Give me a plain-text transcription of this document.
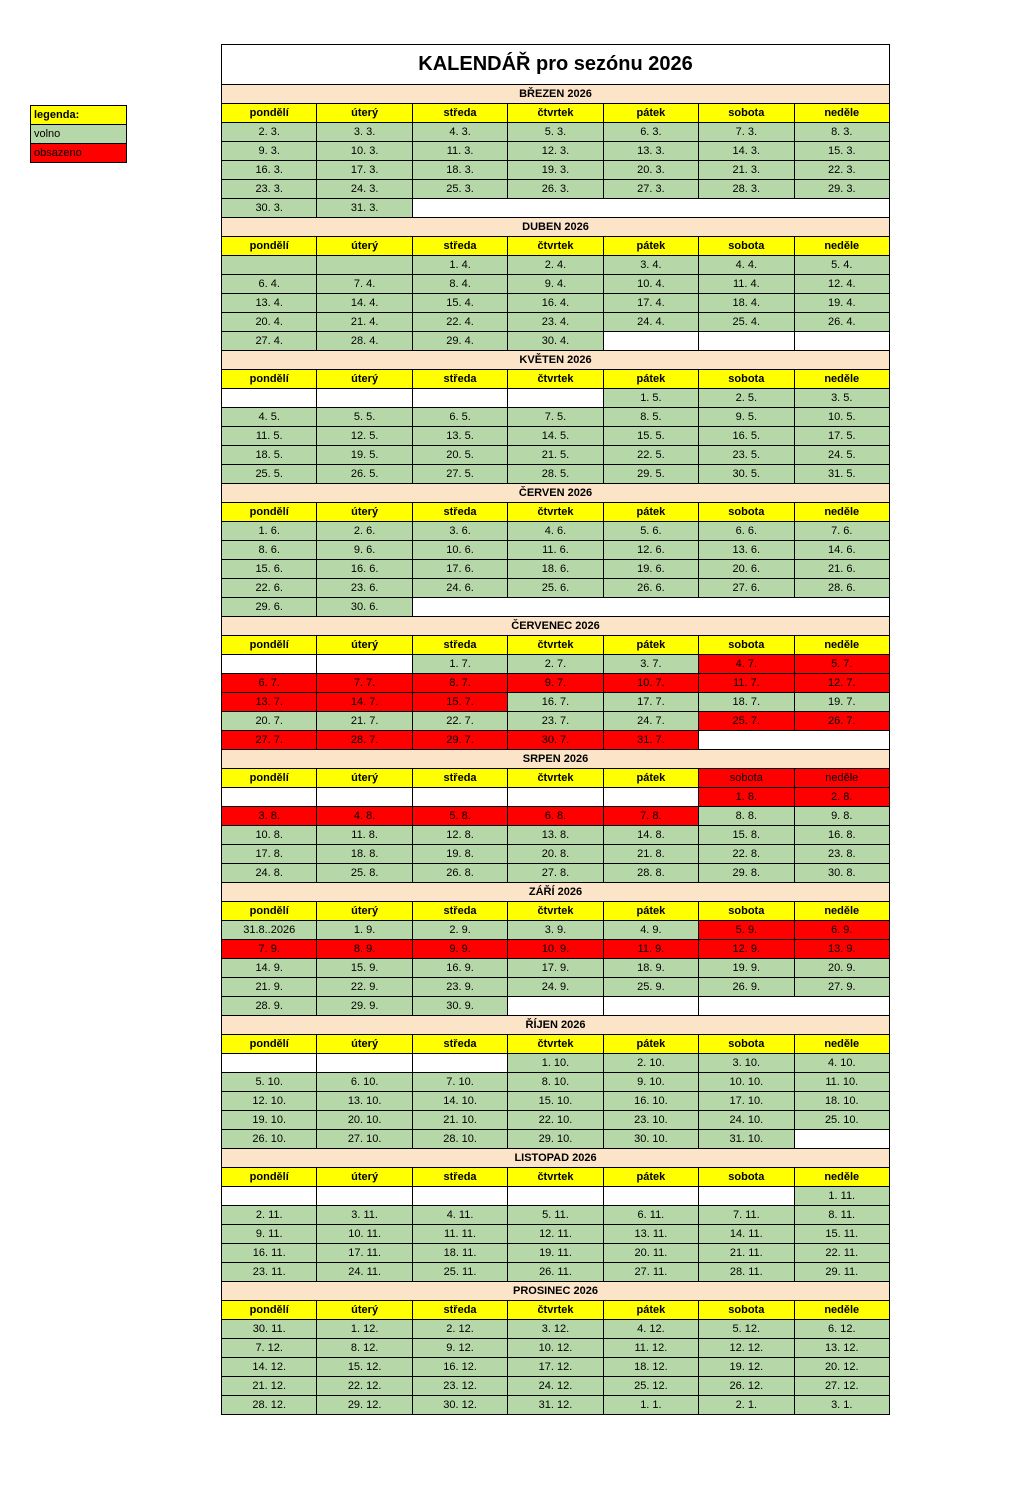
legenda:
volno
obsazeno
KALENDÁŘ pro sezónu 2026						
BŘEZEN 2026						
pondělí	úterý	středa	čtvrtek	pátek	sobota	neděle
2. 3.	3. 3.	4. 3.	5. 3.	6. 3.	7. 3.	8. 3.
9. 3.	10. 3.	11. 3.	12. 3.	13. 3.	14. 3.	15. 3.
16. 3.	17. 3.	18. 3.	19. 3.	20. 3.	21. 3.	22. 3.
23. 3.	24. 3.	25. 3.	26. 3.	27. 3.	28. 3.	29. 3.
30. 3.	31. 3.					
DUBEN 2026						
pondělí	úterý	středa	čtvrtek	pátek	sobota	neděle
		1. 4.	2. 4.	3. 4.	4. 4.	5. 4.
6. 4.	7. 4.	8. 4.	9. 4.	10. 4.	11. 4.	12. 4.
13. 4.	14. 4.	15. 4.	16. 4.	17. 4.	18. 4.	19. 4.
20. 4.	21. 4.	22. 4.	23. 4.	24. 4.	25. 4.	26. 4.
27. 4.	28. 4.	29. 4.	30. 4.			
KVĚTEN 2026						
pondělí	úterý	středa	čtvrtek	pátek	sobota	neděle
				1. 5.	2. 5.	3. 5.
4. 5.	5. 5.	6. 5.	7. 5.	8. 5.	9. 5.	10. 5.
11. 5.	12. 5.	13. 5.	14. 5.	15. 5.	16. 5.	17. 5.
18. 5.	19. 5.	20. 5.	21. 5.	22. 5.	23. 5.	24. 5.
25. 5.	26. 5.	27. 5.	28. 5.	29. 5.	30. 5.	31. 5.
ČERVEN 2026						
pondělí	úterý	středa	čtvrtek	pátek	sobota	neděle
1. 6.	2. 6.	3. 6.	4. 6.	5. 6.	6. 6.	7. 6.
8. 6.	9. 6.	10. 6.	11. 6.	12. 6.	13. 6.	14. 6.
15. 6.	16. 6.	17. 6.	18. 6.	19. 6.	20. 6.	21. 6.
22. 6.	23. 6.	24. 6.	25. 6.	26. 6.	27. 6.	28. 6.
29. 6.	30. 6.					
ČERVENEC 2026						
pondělí	úterý	středa	čtvrtek	pátek	sobota	neděle
		1. 7.	2. 7.	3. 7.	4. 7.	5. 7.
6. 7.	7. 7.	8. 7.	9. 7.	10. 7.	11. 7.	12. 7.
13. 7.	14. 7.	15. 7.	16. 7.	17. 7.	18. 7.	19. 7.
20. 7.	21. 7.	22. 7.	23. 7.	24. 7.	25. 7.	26. 7.
27. 7.	28. 7.	29. 7.	30. 7.	31. 7.		
SRPEN 2026						
pondělí	úterý	středa	čtvrtek	pátek	sobota	neděle
					1. 8.	2. 8.
3. 8.	4. 8.	5. 8.	6. 8.	7. 8.	8. 8.	9. 8.
10. 8.	11. 8.	12. 8.	13. 8.	14. 8.	15. 8.	16. 8.
17. 8.	18. 8.	19. 8.	20. 8.	21. 8.	22. 8.	23. 8.
24. 8.	25. 8.	26. 8.	27. 8.	28. 8.	29. 8.	30. 8.
ZÁŘÍ 2026						
pondělí	úterý	středa	čtvrtek	pátek	sobota	neděle
31.8..2026	1. 9.	2. 9.	3. 9.	4. 9.	5. 9.	6. 9.
7. 9.	8. 9.	9. 9.	10. 9.	11. 9.	12. 9.	13. 9.
14. 9.	15. 9.	16. 9.	17. 9.	18. 9.	19. 9.	20. 9.
21. 9.	22. 9.	23. 9.	24. 9.	25. 9.	26. 9.	27. 9.
28. 9.	29. 9.	30. 9.				
ŘÍJEN 2026						
pondělí	úterý	středa	čtvrtek	pátek	sobota	neděle
			1. 10.	2. 10.	3. 10.	4. 10.
5. 10.	6. 10.	7. 10.	8. 10.	9. 10.	10. 10.	11. 10.
12. 10.	13. 10.	14. 10.	15. 10.	16. 10.	17. 10.	18. 10.
19. 10.	20. 10.	21. 10.	22. 10.	23. 10.	24. 10.	25. 10.
26. 10.	27. 10.	28. 10.	29. 10.	30. 10.	31. 10.	
LISTOPAD 2026						
pondělí	úterý	středa	čtvrtek	pátek	sobota	neděle
						1. 11.
2. 11.	3. 11.	4. 11.	5. 11.	6. 11.	7. 11.	8. 11.
9. 11.	10. 11.	11. 11.	12. 11.	13. 11.	14. 11.	15. 11.
16. 11.	17. 11.	18. 11.	19. 11.	20. 11.	21. 11.	22. 11.
23. 11.	24. 11.	25. 11.	26. 11.	27. 11.	28. 11.	29. 11.
PROSINEC 2026						
pondělí	úterý	středa	čtvrtek	pátek	sobota	neděle
30. 11.	1. 12.	2. 12.	3. 12.	4. 12.	5. 12.	6. 12.
7. 12.	8. 12.	9. 12.	10. 12.	11. 12.	12. 12.	13. 12.
14. 12.	15. 12.	16. 12.	17. 12.	18. 12.	19. 12.	20. 12.
21. 12.	22. 12.	23. 12.	24. 12.	25. 12.	26. 12.	27. 12.
28. 12.	29. 12.	30. 12.	31. 12.	1. 1.	2. 1.	3. 1.
